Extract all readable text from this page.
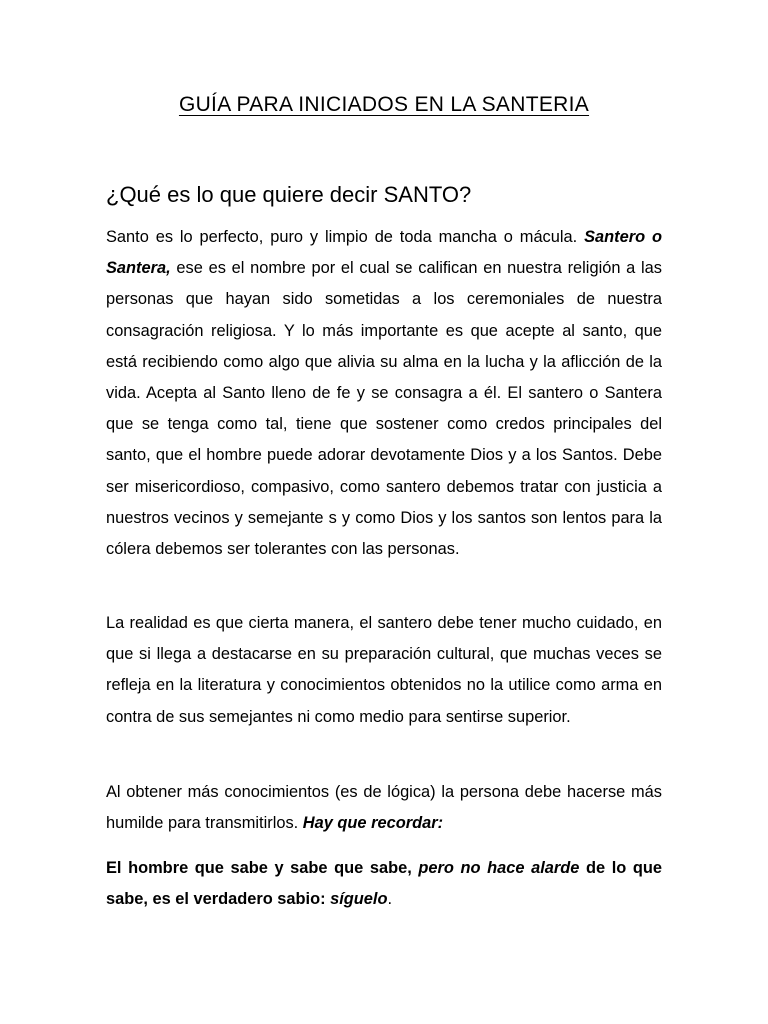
GUÍA PARA INICIADOS EN LA SANTERIA
¿Qué es lo que quiere decir SANTO?

Santo es lo perfecto, puro y limpio de toda mancha o mácula. Santero o Santera, ese es el nombre por el cual se califican en nuestra religión a las personas que hayan sido sometidas a los ceremoniales de nuestra consagración religiosa. Y lo más importante es que acepte al santo, que está recibiendo como algo que alivia su alma en la lucha y la aflicción de la vida. Acepta al Santo lleno de fe y se consagra a él. El santero o Santera que se tenga como tal, tiene que sostener como credos principales del santo, que el hombre puede adorar devotamente Dios y a los Santos. Debe ser misericordioso, compasivo, como santero debemos tratar con justicia a nuestros vecinos y semejante s y como Dios y los santos son lentos para la cólera debemos ser tolerantes con las personas.

La realidad es que cierta manera, el santero debe tener mucho cuidado, en que si llega a destacarse en su preparación cultural, que muchas veces se refleja en la literatura y conocimientos obtenidos no la utilice como arma en contra de sus semejantes ni como medio para sentirse superior.

Al obtener más conocimientos (es de lógica) la persona debe hacerse más humilde para transmitirlos. Hay que recordar:

El hombre que sabe y sabe que sabe, pero no hace alarde de lo que sabe, es el verdadero sabio: síguelo.
